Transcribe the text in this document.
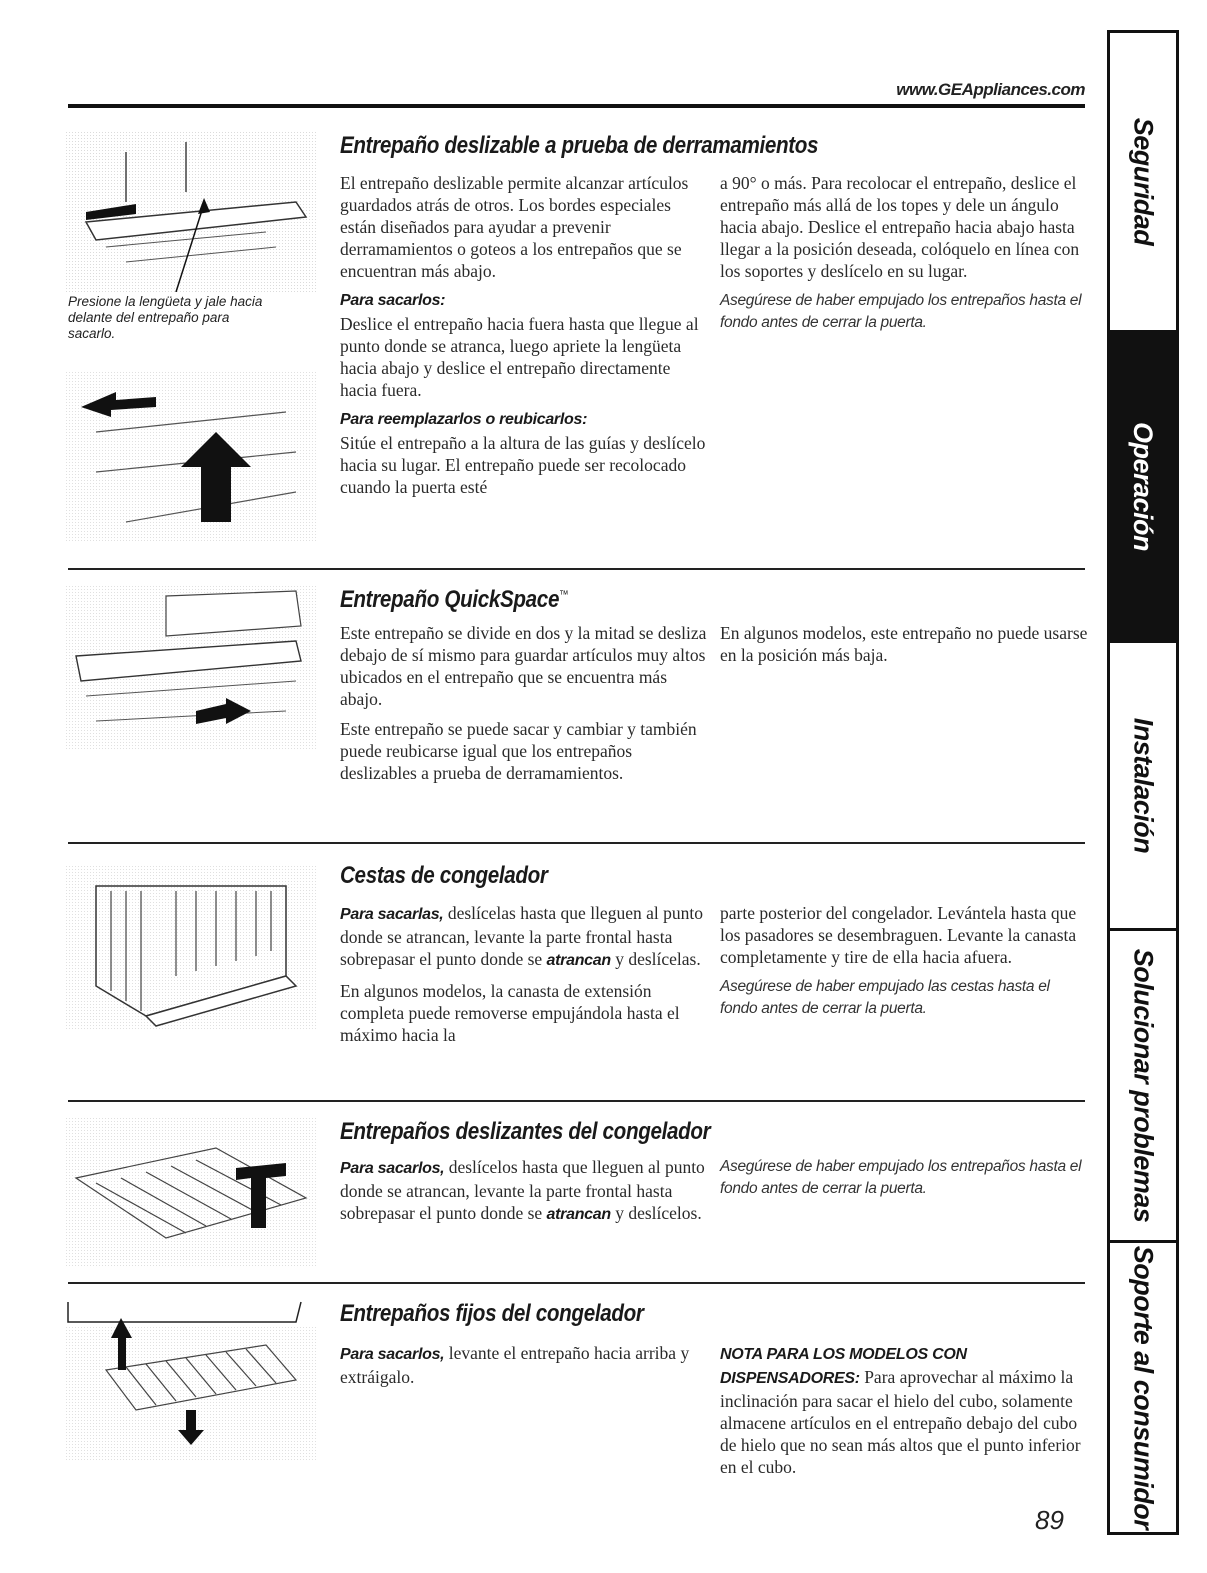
www.GEAppliances.com
Presione la lengüeta y jale hacia delante del entrepaño para sacarlo.
Entrepaño deslizable a prueba de derramamientos

El entrepaño deslizable permite alcanzar artículos guardados atrás de otros. Los bordes especiales están diseñados para ayudar a prevenir derramamientos o goteos a los entrepaños que se encuentran más abajo.

Para sacarlos:

Deslice el entrepaño hacia fuera hasta que llegue al punto donde se atranca, luego apriete la lengüeta hacia abajo y deslice el entrepaño directamente hacia fuera.

Para reemplazarlos o reubicarlos:

Sitúe el entrepaño a la altura de las guías y deslícelo hacia su lugar. El entrepaño puede ser recolocado cuando la puerta esté

a 90° o más. Para recolocar el entrepaño, deslice el entrepaño más allá de los topes y dele un ángulo hacia abajo. Deslice el entrepaño hacia abajo hasta llegar a la posición deseada, colóquelo en línea con los soportes y deslícelo en su lugar.

Asegúrese de haber empujado los entrepaños hasta el fondo antes de cerrar la puerta.

Entrepaño QuickSpace™

Este entrepaño se divide en dos y la mitad se desliza debajo de sí mismo para guardar artículos muy altos ubicados en el entrepaño que se encuentra más abajo.

Este entrepaño se puede sacar y cambiar y también puede reubicarse igual que los entrepaños deslizables a prueba de derramamientos.

En algunos modelos, este entrepaño no puede usarse en la posición más baja.

Cestas de congelador

Para sacarlas, deslícelas hasta que lleguen al punto donde se atrancan, levante la parte frontal hasta sobrepasar el punto donde se atrancan y deslícelas.

En algunos modelos, la canasta de extensión completa puede removerse empujándola hasta el máximo hacia la

parte posterior del congelador. Levántela hasta que los pasadores se desembraguen. Levante la canasta completamente y tire de ella hacia afuera.

Asegúrese de haber empujado las cestas hasta el fondo antes de cerrar la puerta.

Entrepaños deslizantes del congelador

Para sacarlos, deslícelos hasta que lleguen al punto donde se atrancan, levante la parte frontal hasta sobrepasar el punto donde se atrancan y deslícelos.

Asegúrese de haber empujado los entrepaños hasta el fondo antes de cerrar la puerta.

Entrepaños fijos del congelador

Para sacarlos, levante el entrepaño hacia arriba y extráigalo.

NOTA PARA LOS MODELOS CON DISPENSADORES: Para aprovechar al máximo la inclinación para sacar el hielo del cubo, solamente almacene artículos en el entrepaño debajo del cubo de hielo que no sean más altos que el punto inferior en el cubo.

89
Seguridad
Operación
Instalación
Solucionar problemas
Soporte al consumidor
